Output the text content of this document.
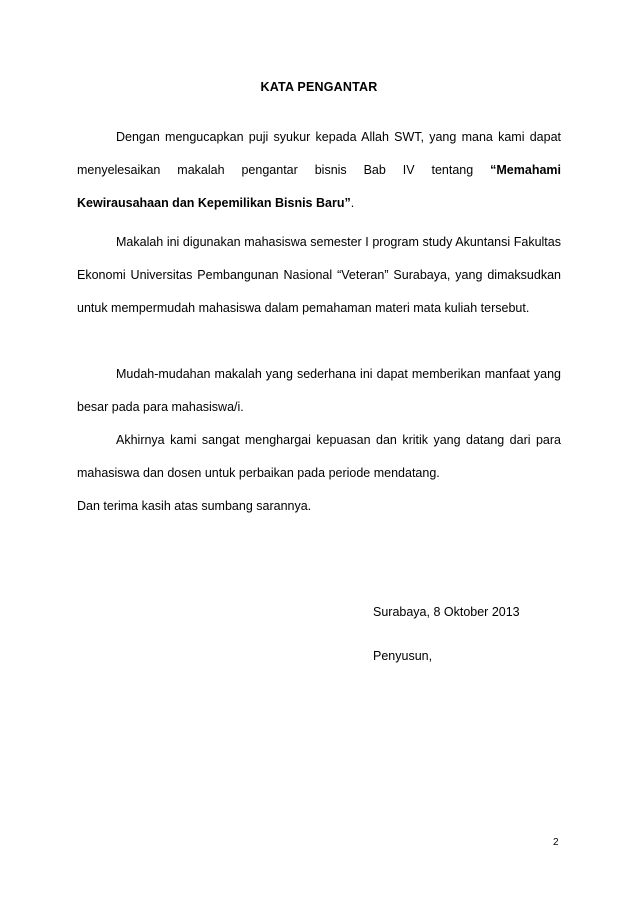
KATA PENGANTAR

Dengan mengucapkan puji syukur kepada Allah SWT, yang mana kami dapat menyelesaikan makalah pengantar bisnis Bab IV tentang “Memahami Kewirausahaan dan Kepemilikan Bisnis Baru”.

Makalah ini digunakan mahasiswa semester I program study Akuntansi Fakultas Ekonomi Universitas Pembangunan Nasional “Veteran” Surabaya, yang dimaksudkan untuk mempermudah mahasiswa dalam pemahaman materi mata kuliah tersebut.

Mudah-mudahan makalah yang sederhana ini dapat memberikan manfaat yang besar pada para mahasiswa/i.

Akhirnya kami sangat menghargai kepuasan dan kritik yang datang dari para mahasiswa dan dosen untuk perbaikan pada periode mendatang.

Dan terima kasih atas sumbang sarannya.

Surabaya, 8 Oktober 2013
Penyusun,
2
